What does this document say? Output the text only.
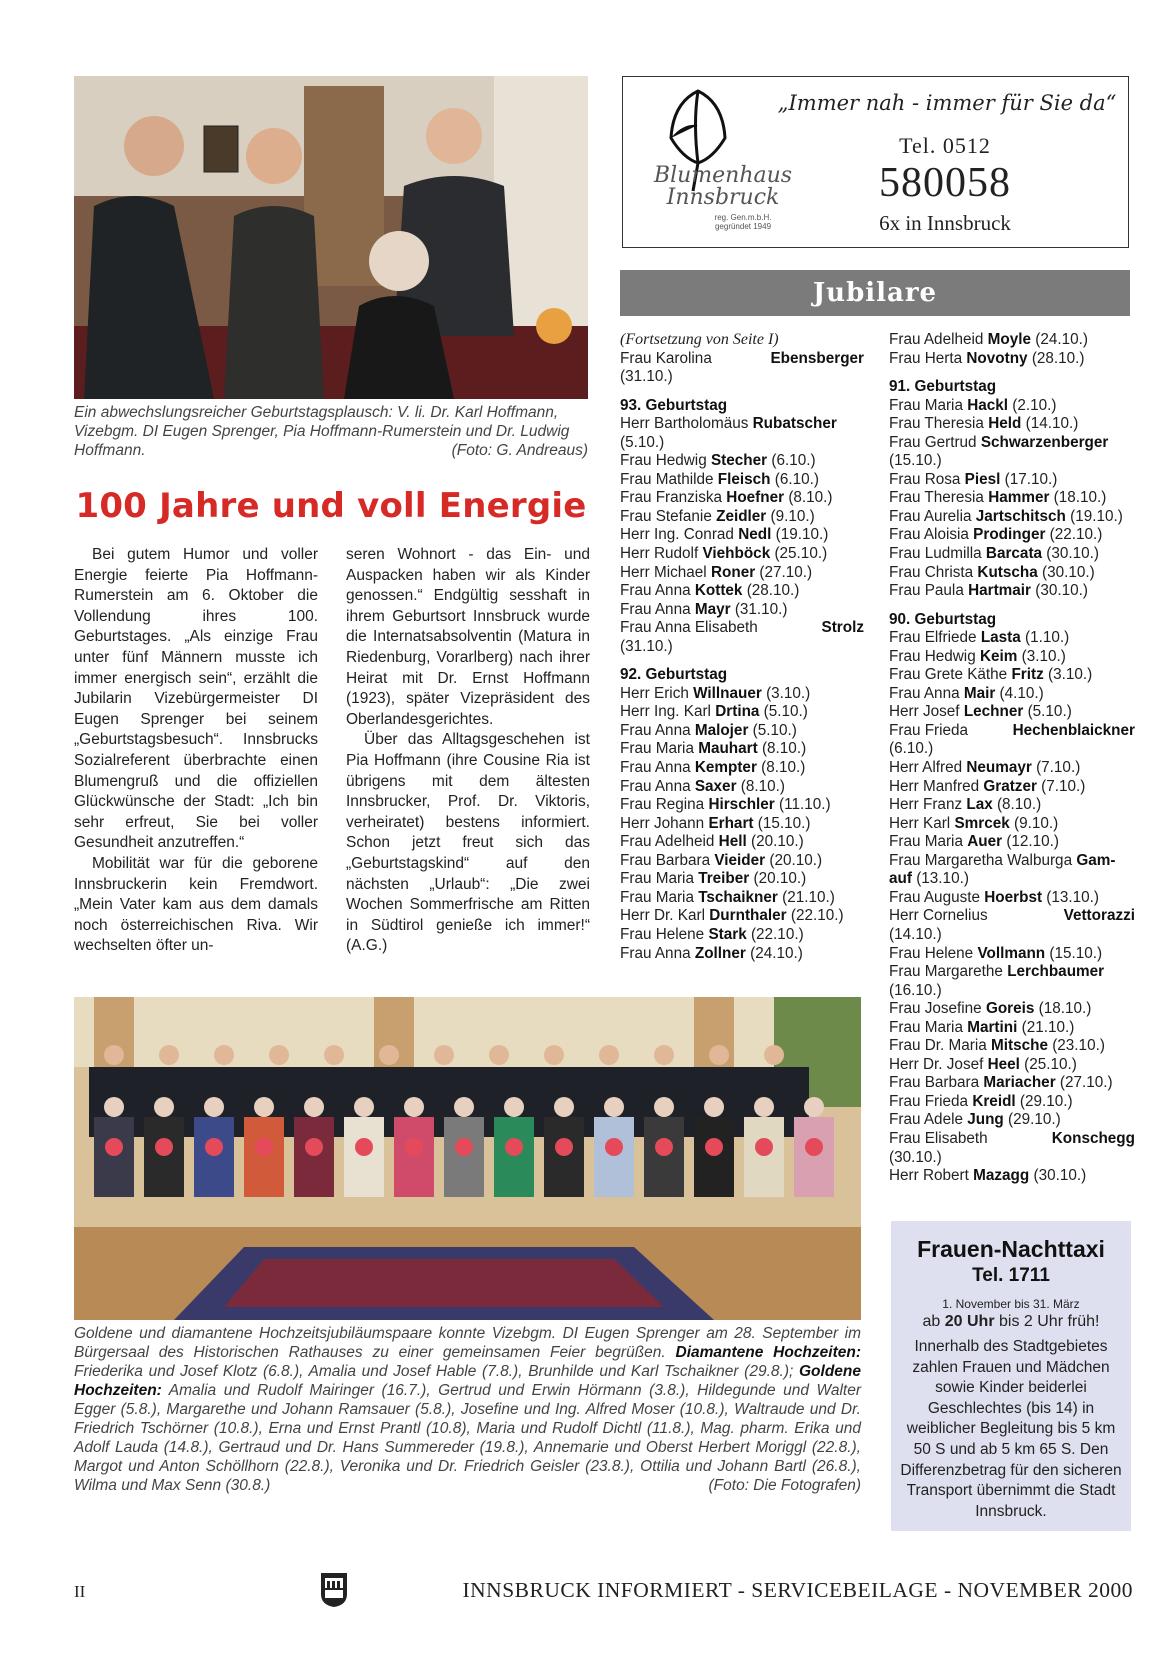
Ein abwechslungsreicher Geburtstagsplausch: V. li. Dr. Karl Hoffmann, Vizebgm. DI Eugen Sprenger, Pia Hoffmann-Rumerstein und Dr. Ludwig Hoffmann.	(Foto: G. Andreaus)
100 Jahre und voll Energie

Bei gutem Humor und voller Energie feierte Pia Hoffmann-Rumerstein am 6. Oktober die Vollendung ihres 100. Geburtstages. „Als einzige Frau unter fünf Männern musste ich immer energisch sein“, erzählt die Jubilarin Vizebürgermeister DI Eugen Sprenger bei seinem „Geburtstagsbesuch“. Innsbrucks Sozialreferent überbrachte einen Blumengruß und die offiziellen Glückwünsche der Stadt: „Ich bin sehr erfreut, Sie bei voller Gesundheit anzutreffen.“

Mobilität war für die geborene Innsbruckerin kein Fremdwort. „Mein Vater kam aus dem damals noch österreichischen Riva. Wir wechselten öfter un-

seren Wohnort - das Ein- und Auspacken haben wir als Kinder genossen.“ Endgültig sesshaft in ihrem Geburtsort Innsbruck wurde die Internatsabsolventin (Matura in Riedenburg, Vorarlberg) nach ihrer Heirat mit Dr. Ernst Hoffmann (1923), später Vizepräsident des Oberlandesgerichtes.

Über das Alltagsgeschehen ist Pia Hoffmann (ihre Cousine Ria ist übrigens mit dem ältesten Innsbrucker, Prof. Dr. Viktoris, verheiratet) bestens informiert. Schon jetzt freut sich das „Geburtstagskind“ auf den nächsten „Urlaub“: „Die zwei Wochen Sommerfrische am Ritten in Südtirol genieße ich immer!“ (A.G.)

Blumenhaus
Innsbruck
reg. Gen.m.b.H.
gegründet 1949
„Immer nah - immer für Sie da“
Tel. 0512
580058
6x in Innsbruck
Jubilare
(Fortsetzung von Seite I)
Frau Karolina	Ebensberger
(31.10.)
93. Geburtstag
Herr Bartholomäus Rubatscher
(5.10.)
Frau Hedwig Stecher (6.10.)
Frau Mathilde Fleisch (6.10.)
Frau Franziska Hoefner (8.10.)
Frau Stefanie Zeidler (9.10.)
Herr Ing. Conrad Nedl (19.10.)
Herr Rudolf Viehböck (25.10.)
Herr Michael Roner (27.10.)
Frau Anna Kottek (28.10.)
Frau Anna Mayr (31.10.)
Frau Anna Elisabeth	Strolz
(31.10.)
92. Geburtstag
Herr Erich Willnauer (3.10.)
Herr Ing. Karl Drtina (5.10.)
Frau Anna Malojer (5.10.)
Frau Maria Mauhart (8.10.)
Frau Anna Kempter (8.10.)
Frau Anna Saxer (8.10.)
Frau Regina Hirschler (11.10.)
Herr Johann Erhart (15.10.)
Frau Adelheid Hell (20.10.)
Frau Barbara Vieider (20.10.)
Frau Maria Treiber (20.10.)
Frau Maria Tschaikner (21.10.)
Herr Dr. Karl Durnthaler (22.10.)
Frau Helene Stark (22.10.)
Frau Anna Zollner (24.10.)
Frau Adelheid Moyle (24.10.)
Frau Herta Novotny (28.10.)
91. Geburtstag
Frau Maria Hackl (2.10.)
Frau Theresia Held (14.10.)
Frau Gertrud Schwarzenberger
(15.10.)
Frau Rosa Piesl (17.10.)
Frau Theresia Hammer (18.10.)
Frau Aurelia Jartschitsch (19.10.)
Frau Aloisia Prodinger (22.10.)
Frau Ludmilla Barcata (30.10.)
Frau Christa Kutscha (30.10.)
Frau Paula Hartmair (30.10.)
90. Geburtstag
Frau Elfriede Lasta (1.10.)
Frau Hedwig Keim (3.10.)
Frau Grete Käthe Fritz (3.10.)
Frau Anna Mair (4.10.)
Herr Josef Lechner (5.10.)
Frau Frieda	Hechenblaickner
(6.10.)
Herr Alfred Neumayr (7.10.)
Herr Manfred Gratzer (7.10.)
Herr Franz Lax (8.10.)
Herr Karl Smrcek (9.10.)
Frau Maria Auer (12.10.)
Frau Margaretha Walburga Gam-
auf (13.10.)
Frau Auguste Hoerbst (13.10.)
Herr Cornelius	Vettorazzi
(14.10.)
Frau Helene Vollmann (15.10.)
Frau Margarethe Lerchbaumer
(16.10.)
Frau Josefine Goreis (18.10.)
Frau Maria Martini (21.10.)
Frau Dr. Maria Mitsche (23.10.)
Herr Dr. Josef Heel (25.10.)
Frau Barbara Mariacher (27.10.)
Frau Frieda Kreidl (29.10.)
Frau Adele Jung (29.10.)
Frau Elisabeth	Konschegg
(30.10.)
Herr Robert Mazagg (30.10.)
Goldene und diamantene Hochzeitsjubiläumspaare konnte Vizebgm. DI Eugen Sprenger am 28. September im Bürgersaal des Historischen Rathauses zu einer gemeinsamen Feier begrüßen. Diamantene Hochzeiten: Friederika und Josef Klotz (6.8.), Amalia und Josef Hable (7.8.), Brunhilde und Karl Tschaikner (29.8.); Goldene Hochzeiten: Amalia und Rudolf Mairinger (16.7.), Gertrud und Erwin Hörmann (3.8.), Hildegunde und Walter Egger (5.8.), Margarethe und Johann Ramsauer (5.8.), Josefine und Ing. Alfred Moser (10.8.), Waltraude und Dr. Friedrich Tschörner (10.8.), Erna und Ernst Prantl (10.8), Maria und Rudolf Dichtl (11.8.), Mag. pharm. Erika und Adolf Lauda (14.8.), Gertraud und Dr. Hans Summereder (19.8.), Annemarie und Oberst Herbert Moriggl (22.8.), Margot und Anton Schöllhorn (22.8.), Veronika und Dr. Friedrich Geisler (23.8.), Ottilia und Johann Bartl (26.8.), Wilma und Max Senn (30.8.)	(Foto: Die Fotografen)
Frauen-Nachttaxi
Tel. 1711
1. November bis 31. März
ab 20 Uhr bis 2 Uhr früh!
Innerhalb des Stadtgebietes zahlen Frauen und Mädchen sowie Kinder beiderlei Geschlechtes (bis 14) in weiblicher Begleitung bis 5 km 50 S und ab 5 km 65 S. Den Differenzbetrag für den sicheren Transport übernimmt die Stadt Innsbruck.
II	INNSBRUCK INFORMIERT - SERVICEBEILAGE - NOVEMBER 2000
